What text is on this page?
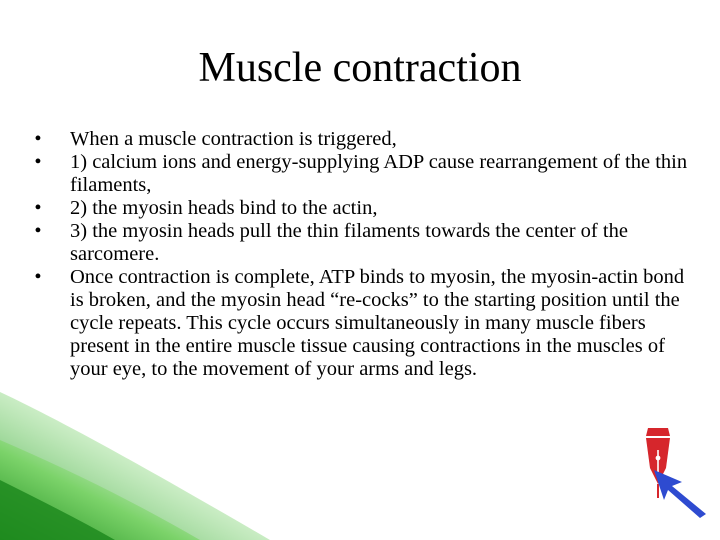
Muscle contraction
•	When a muscle contraction is triggered,
•	1) calcium ions and energy-supplying ADP cause rearrangement of the thin filaments,
•	2) the myosin heads bind to the actin,
•	3) the myosin heads pull the thin filaments towards the center of the sarcomere.
•	Once contraction is complete, ATP binds to myosin, the myosin-actin bond is broken, and the myosin head “re-cocks” to the starting position until the cycle repeats. This cycle occurs simultaneously in many muscle fibers present in the entire muscle tissue causing contractions in the muscles of your eye, to the movement of your arms and legs.
